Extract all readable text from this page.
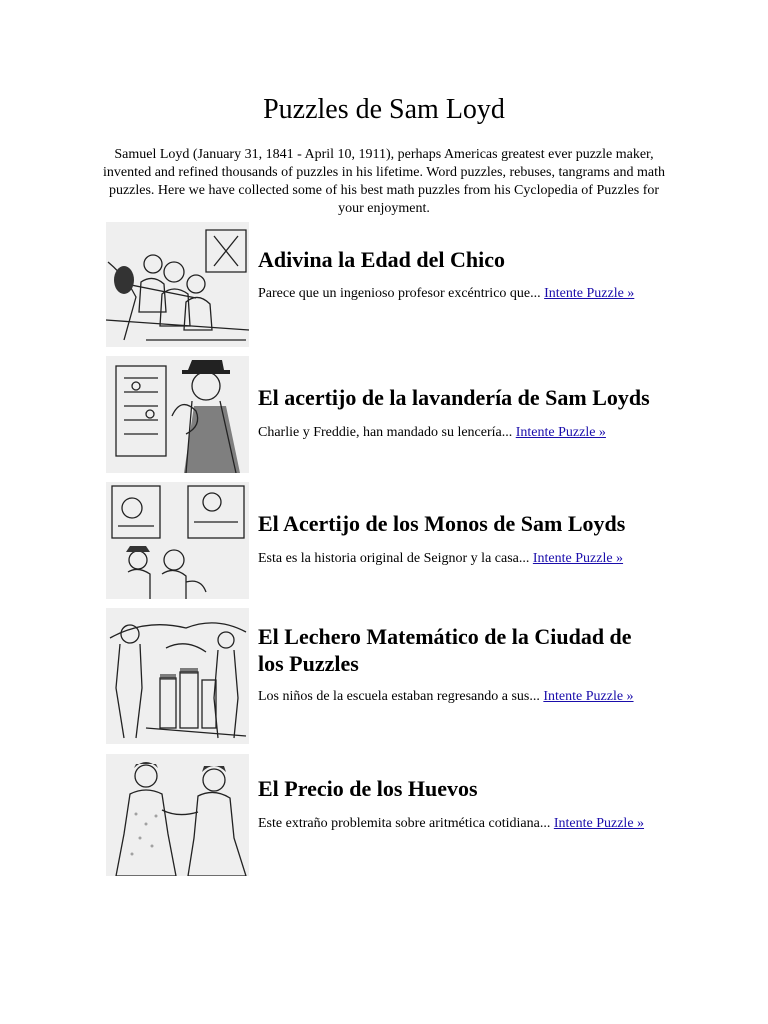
Puzzles de Sam Loyd

Samuel Loyd (January 31, 1841 - April 10, 1911), perhaps Americas greatest ever puzzle maker, invented and refined thousands of puzzles in his lifetime. Word puzzles, rebuses, tangrams and math puzzles. Here we have collected some of his best math puzzles from his Cyclopedia of Puzzles for your enjoyment.

Adivina la Edad del Chico

Parece que un ingenioso profesor excéntrico que... Intente Puzzle »

El acertijo de la lavandería de Sam Loyds

Charlie y Freddie, han mandado su lencería... Intente Puzzle »

El Acertijo de los Monos de Sam Loyds

Esta es la historia original de Seignor y la casa... Intente Puzzle »

El Lechero Matemático de la Ciudad de los Puzzles

Los niños de la escuela estaban regresando a sus... Intente Puzzle »

El Precio de los Huevos

Este extraño problemita sobre aritmética cotidiana... Intente Puzzle »
